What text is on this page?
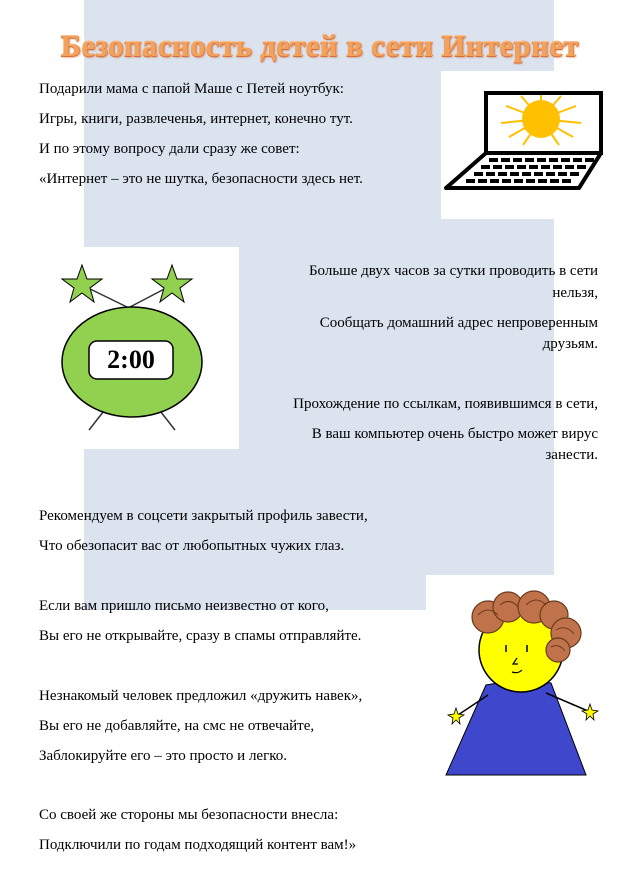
Безопасность детей в сети Интернет
Подарили мама с папой Маше с Петей ноутбук:
Игры, книги, развлеченья, интернет, конечно тут.
И по этому вопросу дали сразу же совет:
«Интернет – это не шутка, безопасности здесь нет.
2:00
Больше двух часов за сутки проводить в сети
нельзя,
Сообщать домашний адрес непроверенным
друзьям.
Прохождение по ссылкам, появившимся в сети,
В ваш компьютер очень быстро может вирус
занести.
Рекомендуем в соцсети закрытый профиль завести,
Что обезопасит вас от любопытных чужих глаз.
Если вам пришло письмо неизвестно от кого,
Вы его не открывайте, сразу в спамы отправляйте.
Незнакомый человек предложил «дружить навек»,
Вы его не добавляйте, на смс не отвечайте,
Заблокируйте его – это просто и легко.
Со своей же стороны мы безопасности внесла:
Подключили по годам подходящий контент вам!»
